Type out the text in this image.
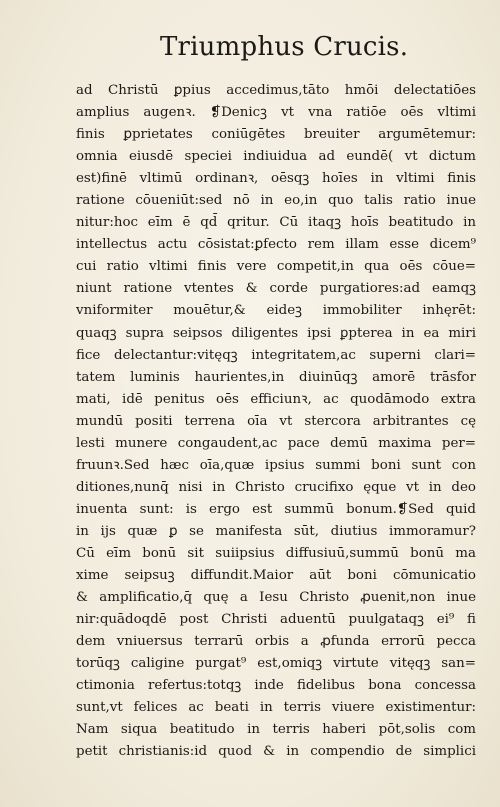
Triumphus Crucis.
ad Christū ꝑpius accedimus,tāto hmōi delectatiōes
amplius augenꝛ. ❡Denicꝫ vt vna ratiōe oēs vltimi
finis ꝑprietates coniūgētes breuiter argumētemur:
omnia eiusdē speciei indiuidua ad eundē( vt dictum
est)finē vltimū ordinanꝛ, oēsqꝫ hoīes in vltimi finis
ratione cōueniūt:sed nō in eo,in quo talis ratio inue
nitur:hoc eīm ē qd̄ qritur. Cū itaqꝫ hoīs beatitudo in
intellectus actu cōsistat:ꝑfecto rem illam esse dicem⁹
cui ratio vltimi finis vere competit,in qua oēs cōue=
niunt ratione vtentes & corde purgatiores:ad eamqꝫ
vniformiter mouētur,& eideꝫ immobiliter inhęrēt:
quaqꝫ supra seipsos diligentes ipsi ꝑpterea in ea miri
fice delectantur:vitęqꝫ integritatem,ac superni clari=
tatem luminis haurientes,in diuinūqꝫ amorē trāsfor
mati, idē penitus oēs efficiunꝛ, ac quodāmodo extra
mundū positi terrena oīa vt stercora arbitrantes cę
lesti munere congaudent,ac pace demū maxima per=
fruunꝛ.Sed hæc oīa,quæ ipsius summi boni sunt con
ditiones,nunq̄ nisi in Christo crucifixo ęque vt in deo
inuenta sunt: is ergo est summū bonum.❡Sed quid
in ijs quæ ꝑ se manifesta sūt, diutius immoramur?
Cū eīm bonū sit suiipsius diffusiuū,summū bonū ma
xime seipsuꝫ diffundit.Maior aūt boni cōmunicatio
& amplificatio,q̄ quę a Iesu Christo ꝓuenit,non inue
nir:quādoqdē post Christi aduentū puulgataqꝫ ei⁹ fi
dem vniuersus terrarū orbis a ꝓfunda errorū pecca
torūqꝫ caligine purgat⁹ est,omiqꝫ virtute vitęqꝫ san=
ctimonia refertus:totqꝫ inde fidelibus bona concessa
sunt,vt felices ac beati in terris viuere existimentur:
Nam siqua beatitudo in terris haberi pōt,solis com
petit christianis:id quod & in compendio de simplici
